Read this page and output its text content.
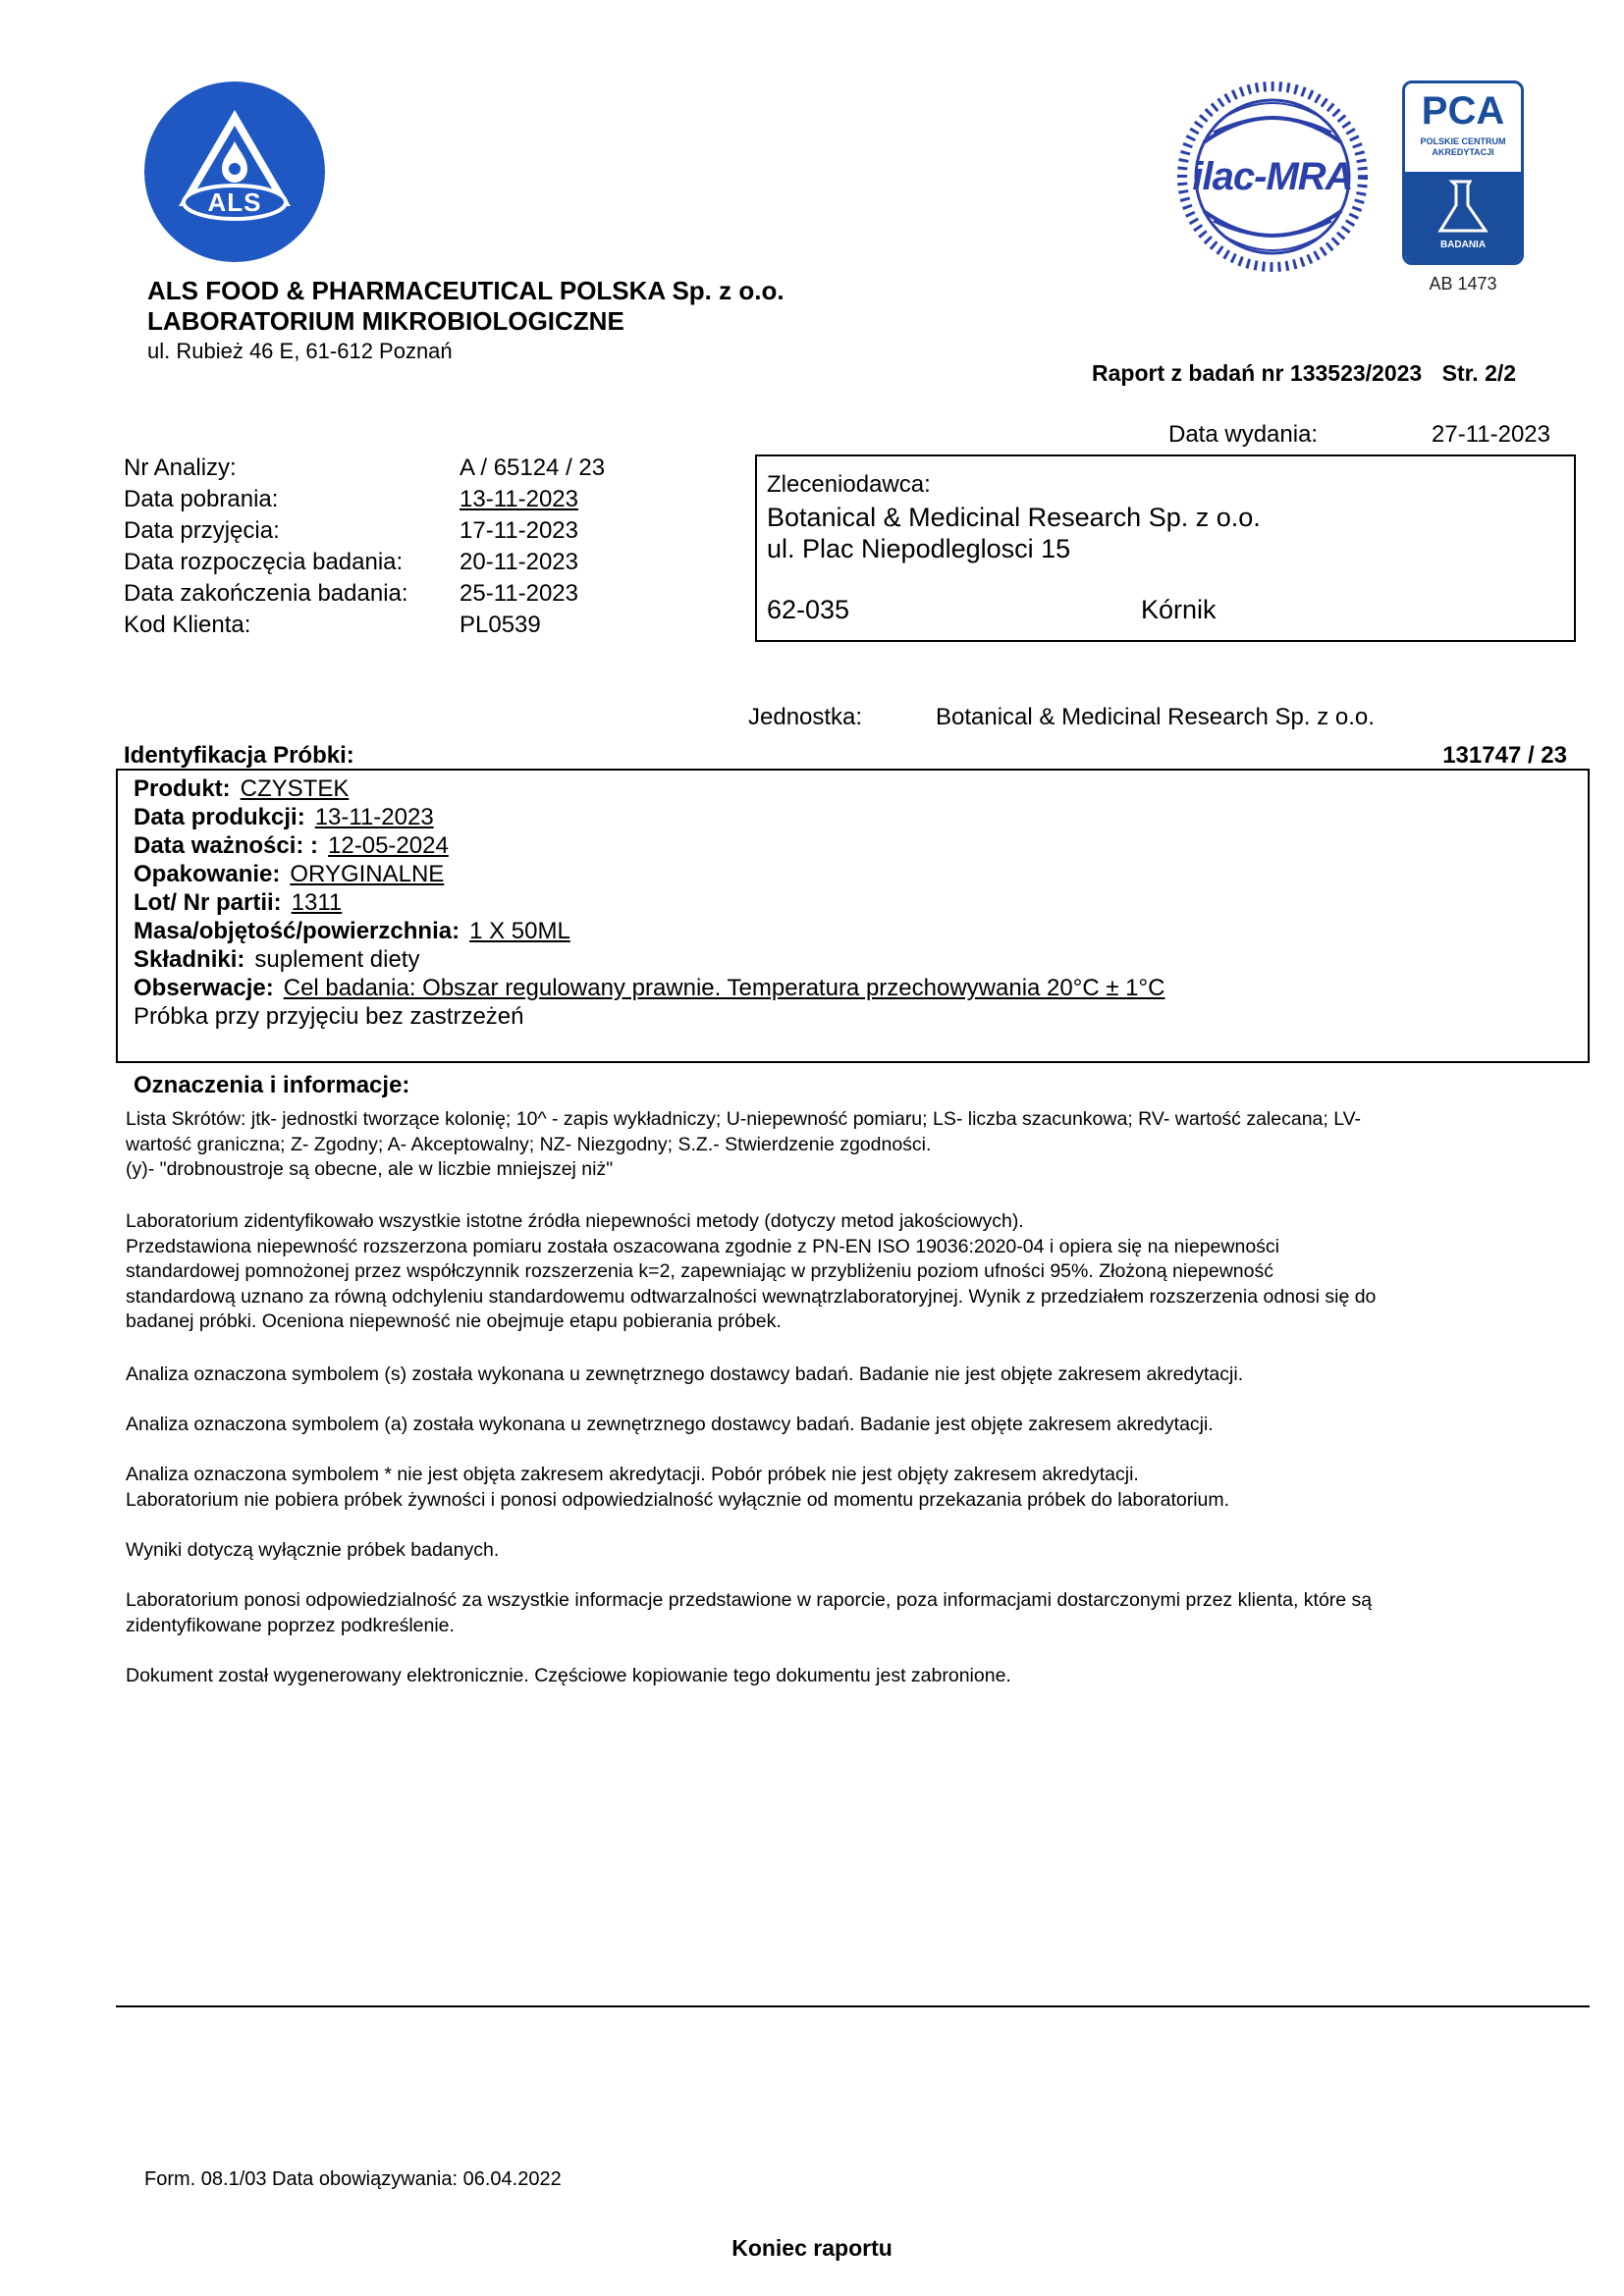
ALS
ilac-MRA
PCA
POLSKIE CENTRUM
AKREDYTACJI
BADANIA
AB 1473
ALS FOOD & PHARMACEUTICAL POLSKA Sp. z o.o.
LABORATORIUM MIKROBIOLOGICZNE
ul. Rubież 46 E, 61-612 Poznań
Raport z badań nr 133523/2023 Str. 2/2
Data wydania:	27-11-2023
Nr Analizy:	A / 65124 / 23
Data pobrania:	13-11-2023
Data przyjęcia:	17-11-2023
Data rozpoczęcia badania: 20-11-2023
Data zakończenia badania: 25-11-2023
Kod Klienta:	PL0539
Zleceniodawca:
Botanical & Medicinal Research Sp. z o.o.
ul. Plac Niepodleglosci 15
62-035	Kórnik
Jednostka:	Botanical & Medicinal Research Sp. z o.o.
Identyfikacja Próbki:	131747 / 23
Produkt: CZYSTEK
Data produkcji: 13-11-2023
Data ważności: : 12-05-2024
Opakowanie: ORYGINALNE
Lot/ Nr partii: 1311
Masa/objętość/powierzchnia: 1 X 50ML
Składniki: suplement diety
Obserwacje: Cel badania: Obszar regulowany prawnie. Temperatura przechowywania 20°C ± 1°C
Próbka przy przyjęciu bez zastrzeżeń
Oznaczenia i informacje:
Lista Skrótów: jtk- jednostki tworzące kolonię; 10^ - zapis wykładniczy; U-niepewność pomiaru; LS- liczba szacunkowa; RV- wartość zalecana; LV-
wartość graniczna; Z- Zgodny; A- Akceptowalny; NZ- Niezgodny; S.Z.- Stwierdzenie zgodności.
(y)- "drobnoustroje są obecne, ale w liczbie mniejszej niż"
Laboratorium zidentyfikowało wszystkie istotne źródła niepewności metody (dotyczy metod jakościowych).
Przedstawiona niepewność rozszerzona pomiaru została oszacowana zgodnie z PN-EN ISO 19036:2020-04 i opiera się na niepewności
standardowej pomnożonej przez współczynnik rozszerzenia k=2, zapewniając w przybliżeniu poziom ufności 95%. Złożoną niepewność
standardową uznano za równą odchyleniu standardowemu odtwarzalności wewnątrzlaboratoryjnej. Wynik z przedziałem rozszerzenia odnosi się do
badanej próbki. Oceniona niepewność nie obejmuje etapu pobierania próbek.
Analiza oznaczona symbolem (s) została wykonana u zewnętrznego dostawcy badań. Badanie nie jest objęte zakresem akredytacji.
Analiza oznaczona symbolem (a) została wykonana u zewnętrznego dostawcy badań. Badanie jest objęte zakresem akredytacji.
Analiza oznaczona symbolem * nie jest objęta zakresem akredytacji. Pobór próbek nie jest objęty zakresem akredytacji.
Laboratorium nie pobiera próbek żywności i ponosi odpowiedzialność wyłącznie od momentu przekazania próbek do laboratorium.
Wyniki dotyczą wyłącznie próbek badanych.
Laboratorium ponosi odpowiedzialność za wszystkie informacje przedstawione w raporcie, poza informacjami dostarczonymi przez klienta, które są
zidentyfikowane poprzez podkreślenie.
Dokument został wygenerowany elektronicznie. Częściowe kopiowanie tego dokumentu jest zabronione.
Form. 08.1/03 Data obowiązywania: 06.04.2022
Koniec raportu
